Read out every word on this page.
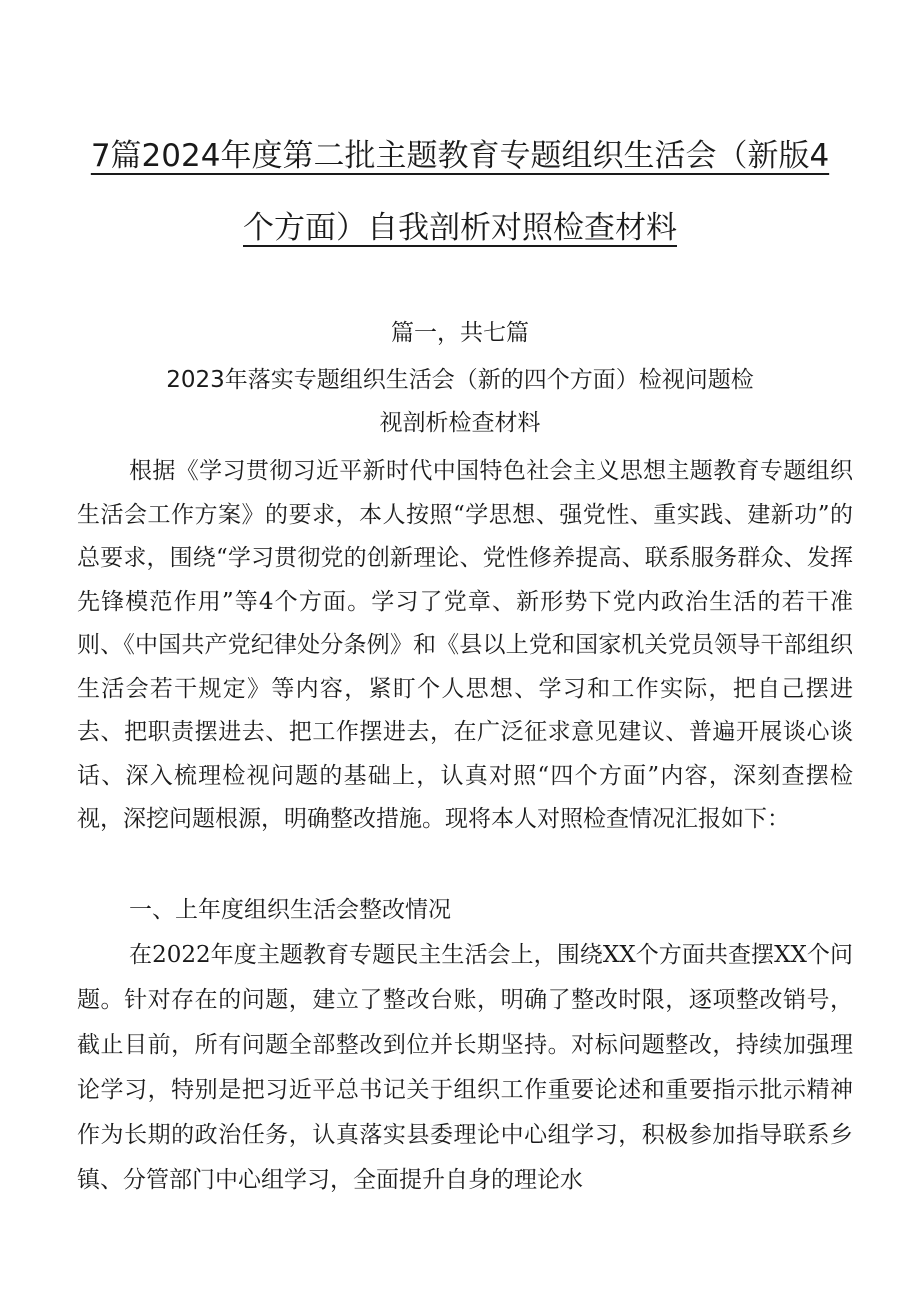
7篇2024年度第二批主题教育专题组织生活会（新版4
个方面）自我剖析对照检查材料
篇一，共七篇
2023年落实专题组织生活会（新的四个方面）检视问题检
视剖析检查材料

根据《学习贯彻习近平新时代中国特色社会主义思想主题教育专题组织生活会工作方案》的要求，本人按照“学思想、强党性、重实践、建新功”的总要求，围绕“学习贯彻党的创新理论、党性修养提高、联系服务群众、发挥先锋模范作用”等4个方面。学习了党章、新形势下党内政治生活的若干准则、《中国共产党纪律处分条例》和《县以上党和国家机关党员领导干部组织生活会若干规定》等内容，紧盯个人思想、学习和工作实际，把自己摆进去、把职责摆进去、把工作摆进去，在广泛征求意见建议、普遍开展谈心谈话、深入梳理检视问题的基础上，认真对照“四个方面”内容，深刻查摆检视，深挖问题根源，明确整改措施。现将本人对照检查情况汇报如下：

一、上年度组织生活会整改情况

在2022年度主题教育专题民主生活会上，围绕XX个方面共查摆XX个问题。针对存在的问题，建立了整改台账，明确了整改时限，逐项整改销号，截止目前，所有问题全部整改到位并长期坚持。对标问题整改，持续加强理论学习，特别是把习近平总书记关于组织工作重要论述和重要指示批示精神作为长期的政治任务，认真落实县委理论中心组学习，积极参加指导联系乡镇、分管部门中心组学习，全面提升自身的理论水
